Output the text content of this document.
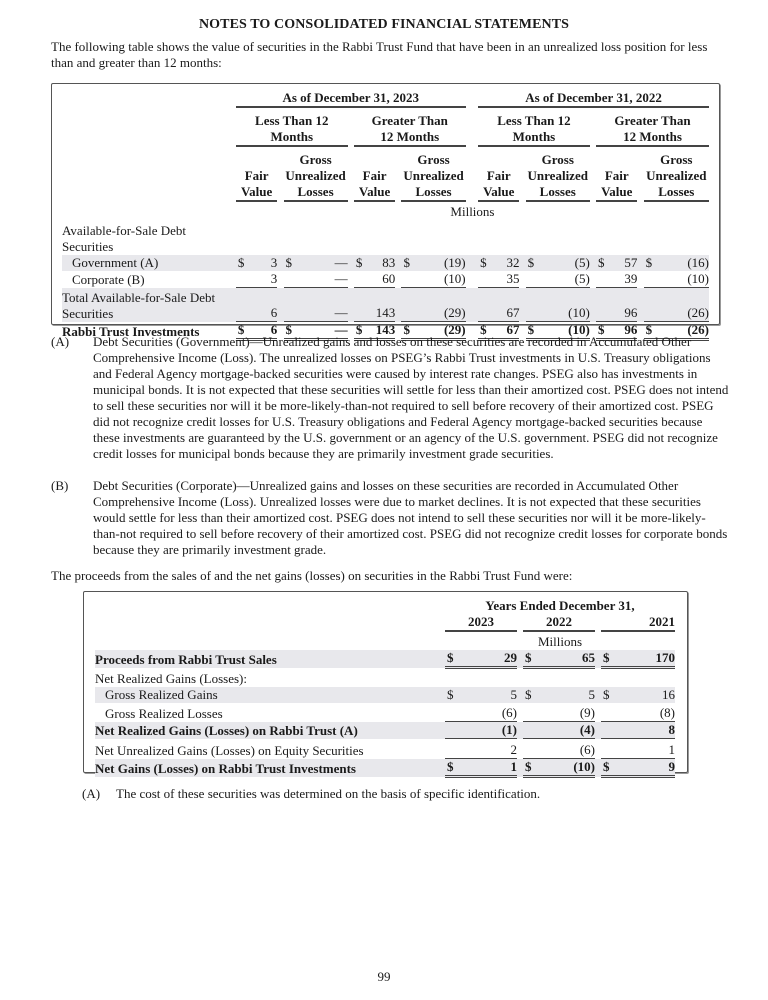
NOTES TO CONSOLIDATED FINANCIAL STATEMENTS
The following table shows the value of securities in the Rabbi Trust Fund that have been in an unrealized loss position for less than and greater than 12 months:
	As of December 31, 2023												As of December 31, 2022										

	Less Than 12 Months						Greater Than 12 Months						Less Than 12 Months						Greater Than 12 Months				

	Fair Value			Gross Unrealized Losses			Fair Value			Gross Unrealized Losses			Fair Value			Gross Unrealized Losses			Fair Value			Gross Unrealized Losses	
	Millions																						
Available-for-Sale Debt Securities																							
Government (A)	$	3		$	—		$	83		$	(19)		$	32		$	(5)		$	57		$	(16)
Corporate (B)		3			—			60			(10)			35			(5)			39			(10)
Total Available-for-Sale Debt Securities		6			—			143			(29)			67			(10)			96			(26)
Rabbi Trust Investments	$	6		$	—		$	143		$	(29)		$	67		$	(10)		$	96		$	(26)
(A) Debt Securities (Government)—Unrealized gains and losses on these securities are recorded in Accumulated Other Comprehensive Income (Loss). The unrealized losses on PSEG’s Rabbi Trust investments in U.S. Treasury obligations and Federal Agency mortgage-backed securities were caused by interest rate changes. PSEG also has investments in municipal bonds. It is not expected that these securities will settle for less than their amortized cost. PSEG does not intend to sell these securities nor will it be more-likely-than-not required to sell before recovery of their amortized cost. PSEG did not recognize credit losses for U.S. Treasury obligations and Federal Agency mortgage-backed securities because these investments are guaranteed by the U.S. government or an agency of the U.S. government. PSEG did not recognize credit losses for municipal bonds because they are primarily investment grade securities.
(B) Debt Securities (Corporate)—Unrealized gains and losses on these securities are recorded in Accumulated Other Comprehensive Income (Loss). Unrealized losses were due to market declines. It is not expected that these securities would settle for less than their amortized cost. PSEG does not intend to sell these securities nor will it be more-likely-than-not required to sell before recovery of their amortized cost. PSEG did not recognize credit losses for corporate bonds because they are primarily investment grade.
The proceeds from the sales of and the net gains (losses) on securities in the Rabbi Trust Fund were:
	Years Ended December 31,							
	2023			2022			2021	
	Millions							
Proceeds from Rabbi Trust Sales	$	29		$	65		$	170
Net Realized Gains (Losses):								
Gross Realized Gains	$	5		$	5		$	16
Gross Realized Losses		(6)			(9)			(8)
Net Realized Gains (Losses) on Rabbi Trust (A)		(1)			(4)			8
Net Unrealized Gains (Losses) on Equity Securities		2			(6)			1
Net Gains (Losses) on Rabbi Trust Investments	$	1		$	(10)		$	9
(A) The cost of these securities was determined on the basis of specific identification.
99
